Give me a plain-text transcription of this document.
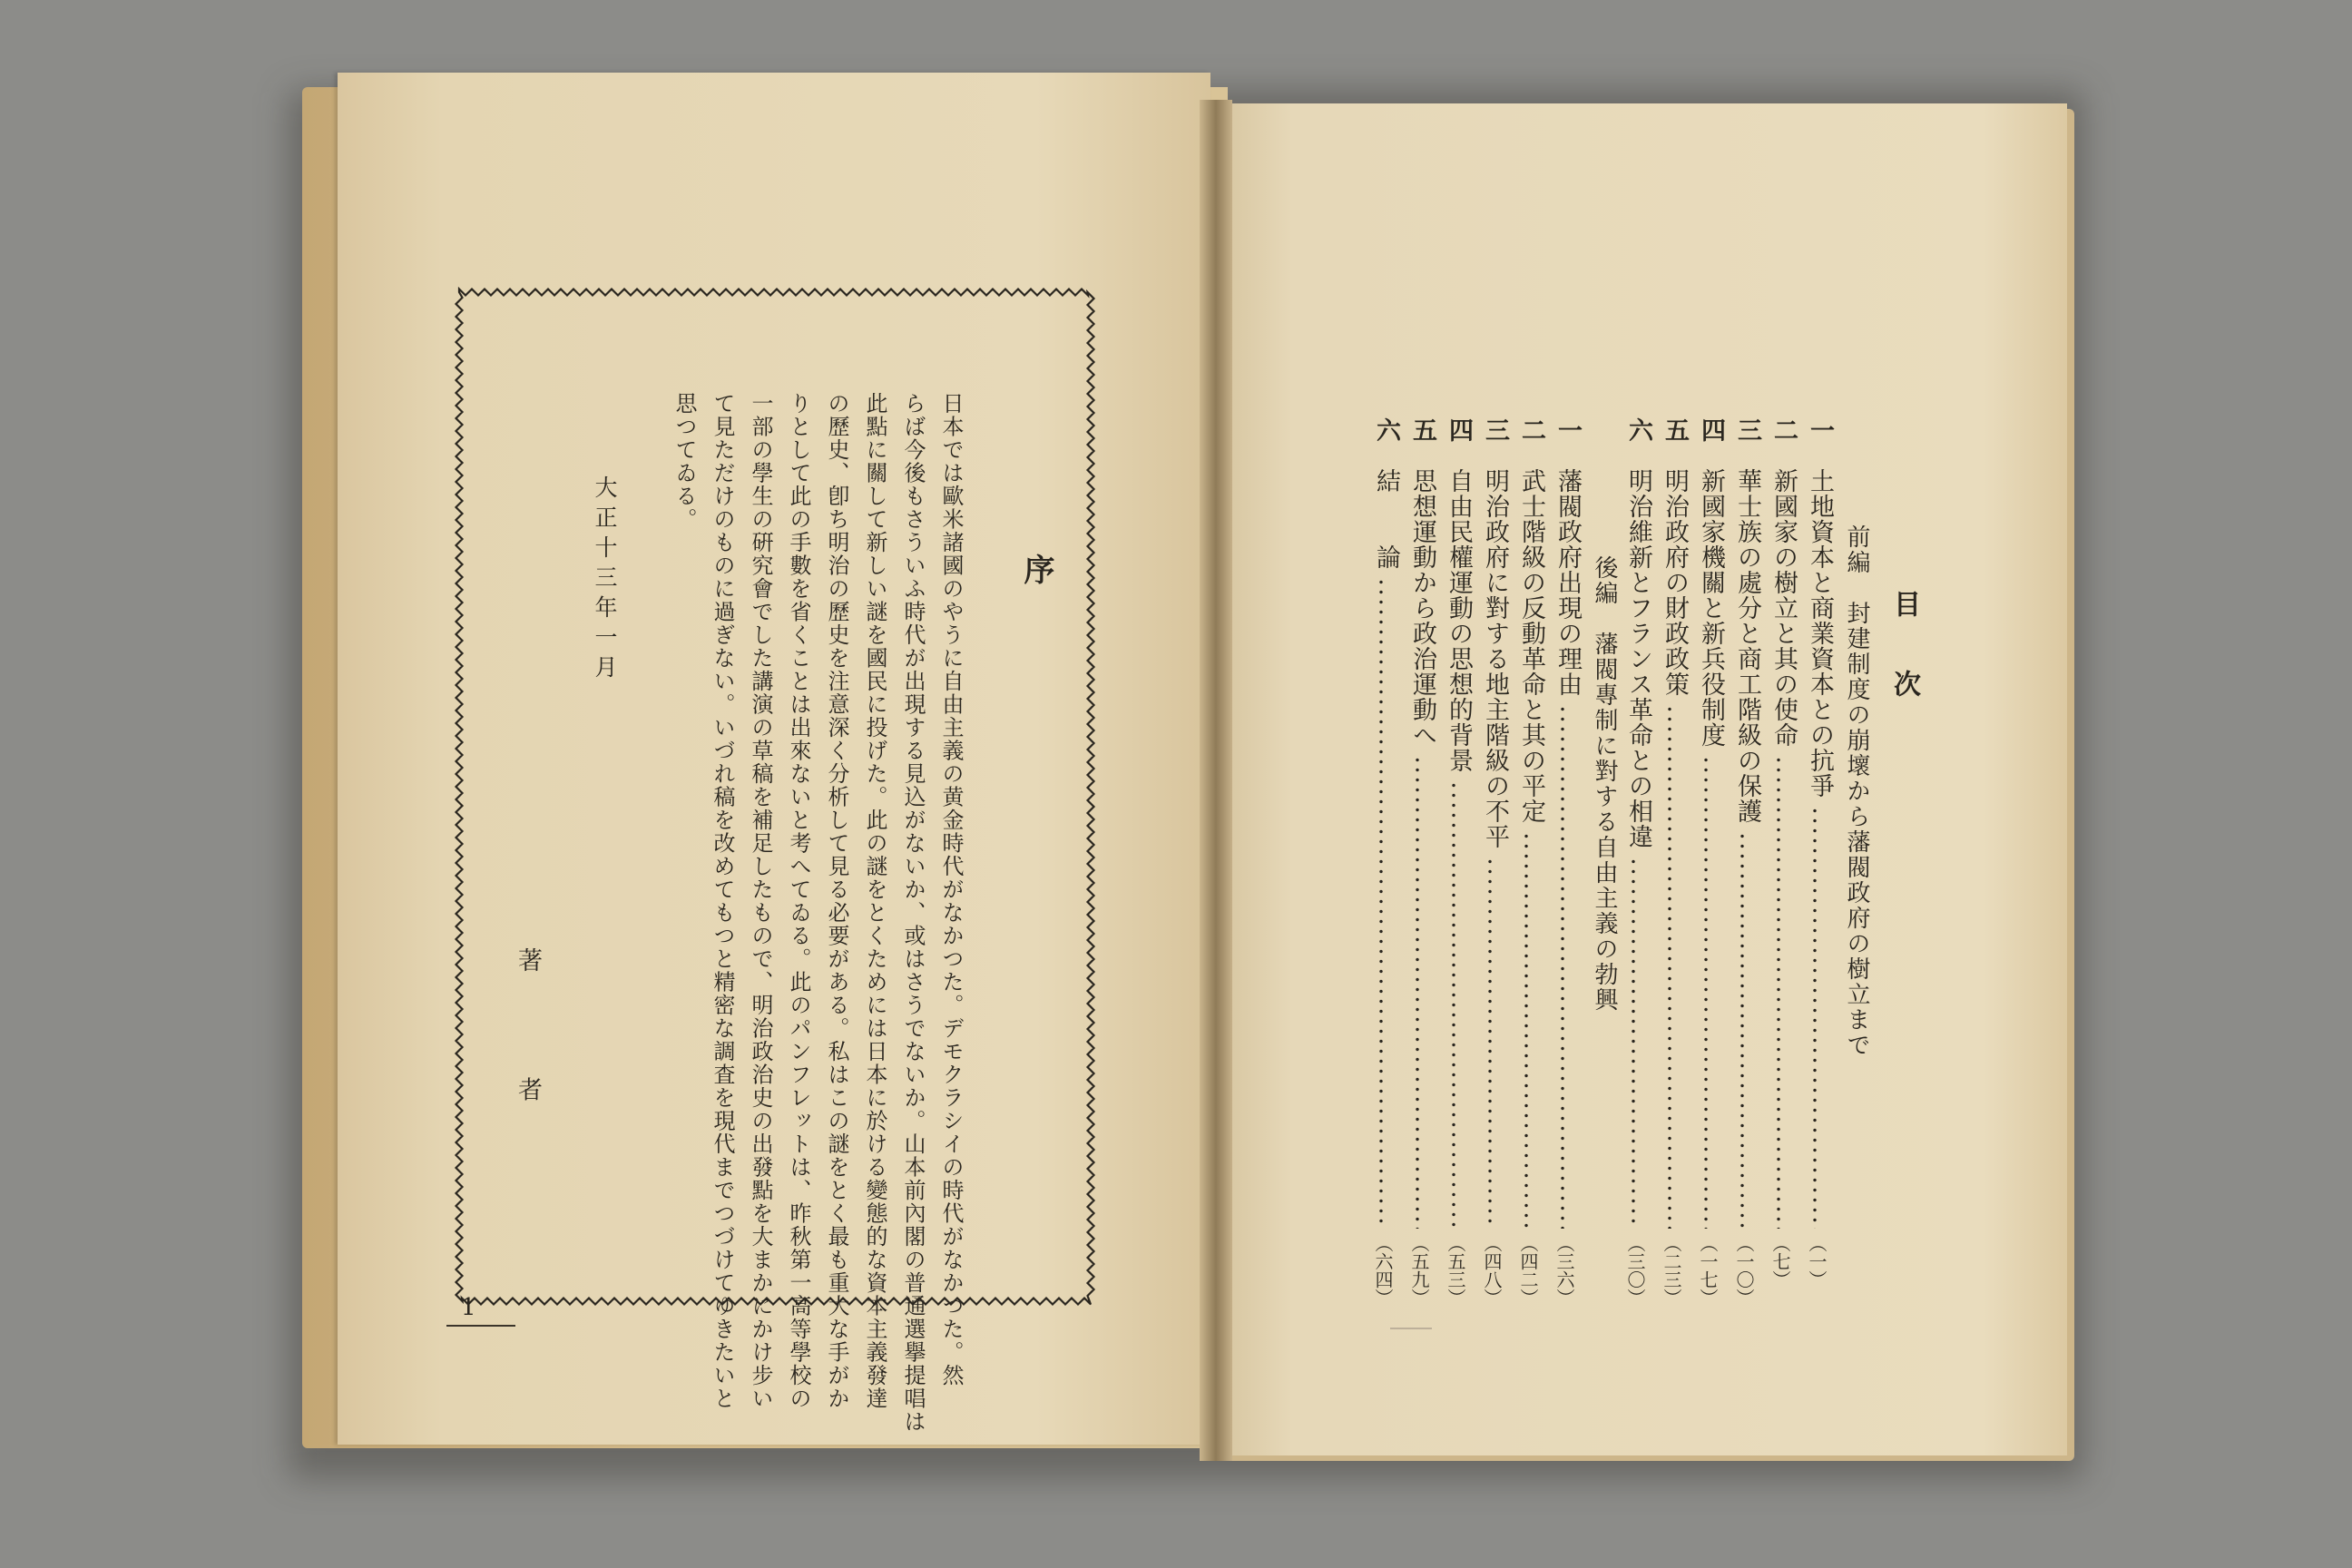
序
日本では歐米諸國のやうに自由主義の黄金時代がなかつた。デモクラシイの時代がなかつた。然
らば今後もさういふ時代が出現する見込がないか、或はさうでないか。山本前內閣の普通選擧提唱は
此點に關して新しい謎を國民に投げた。此の謎をとくためには日本に於ける變態的な資本主義發達
の歷史、卽ち明治の歷史を注意深く分析して見る必要がある。私はこの謎をとく最も重大な手がか
りとして此の手數を省くことは出來ないと考へてゐる。此のパンフレットは、昨秋第一高等學校の
一部の學生の硏究會でした講演の草稿を補足したもので、明治政治史の出發點を大まかにかけ步い
て見ただけのものに過ぎない。いづれ稿を改めてもつと精密な調査を現代までつづけてゆきたいと
思つてゐる。
大正十三年一月
著　　　　者
1
目次
前編　封建制度の崩壞から藩閥政府の樹立まで
後編　藩閥專制に對する自由主義の勃興
一
土地資本と商業資本との抗爭
（一）
二
新國家の樹立と其の使命
（七）
三
華士族の處分と商工階級の保護
（一〇）
四
新國家機關と新兵役制度
（一七）
五
明治政府の財政政策
（二三）
六
明治維新とフランス革命との相違
（三〇）
一
藩閥政府出現の理由
（三六）
二
武士階級の反動革命と其の平定
（四二）
三
明治政府に對する地主階級の不平
（四八）
四
自由民權運動の思想的背景
（五三）
五
思想運動から政治運動へ
（五九）
六
結　　論
（六四）
